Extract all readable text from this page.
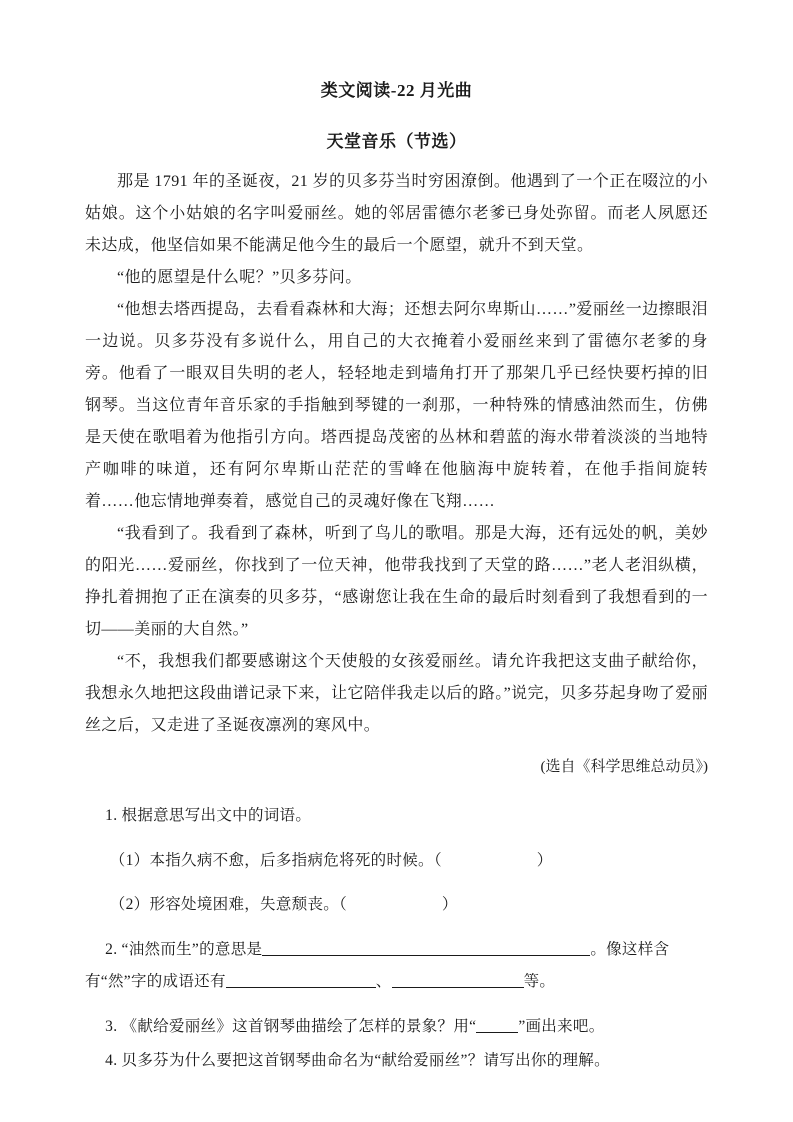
类文阅读-22 月光曲
天堂音乐（节选）

那是 1791 年的圣诞夜，21 岁的贝多芬当时穷困潦倒。他遇到了一个正在啜泣的小姑娘。这个小姑娘的名字叫爱丽丝。她的邻居雷德尔老爹已身处弥留。而老人夙愿还未达成，他坚信如果不能满足他今生的最后一个愿望，就升不到天堂。

“他的愿望是什么呢？”贝多芬问。

“他想去塔西提岛，去看看森林和大海；还想去阿尔卑斯山……”爱丽丝一边擦眼泪一边说。贝多芬没有多说什么，用自己的大衣掩着小爱丽丝来到了雷德尔老爹的身旁。他看了一眼双目失明的老人，轻轻地走到墙角打开了那架几乎已经快要朽掉的旧钢琴。当这位青年音乐家的手指触到琴键的一刹那，一种特殊的情感油然而生，仿佛是天使在歌唱着为他指引方向。塔西提岛茂密的丛林和碧蓝的海水带着淡淡的当地特产咖啡的味道，还有阿尔卑斯山茫茫的雪峰在他脑海中旋转着，在他手指间旋转着……他忘情地弹奏着，感觉自己的灵魂好像在飞翔……

“我看到了。我看到了森林，听到了鸟儿的歌唱。那是大海，还有远处的帆，美妙的阳光……爱丽丝，你找到了一位天神，他带我找到了天堂的路……”老人老泪纵横，挣扎着拥抱了正在演奏的贝多芬，“感谢您让我在生命的最后时刻看到了我想看到的一切——美丽的大自然。”

“不，我想我们都要感谢这个天使般的女孩爱丽丝。请允许我把这支曲子献给你，我想永久地把这段曲谱记录下来，让它陪伴我走以后的路。”说完，贝多芬起身吻了爱丽丝之后，又走进了圣诞夜凛冽的寒风中。

(选自《科学思维总动员》)

1. 根据意思写出文中的词语。

（1）本指久病不愈，后多指病危将死的时候。（　　　　　　）

（2）形容处境困难，失意颓丧。（　　　　　　）

2. “油然而生”的意思是	。像这样含有“然”字的成语还有	、	等。

3. 《献给爱丽丝》这首钢琴曲描绘了怎样的景象？用“	”画出来吧。

4. 贝多芬为什么要把这首钢琴曲命名为“献给爱丽丝”？请写出你的理解。
